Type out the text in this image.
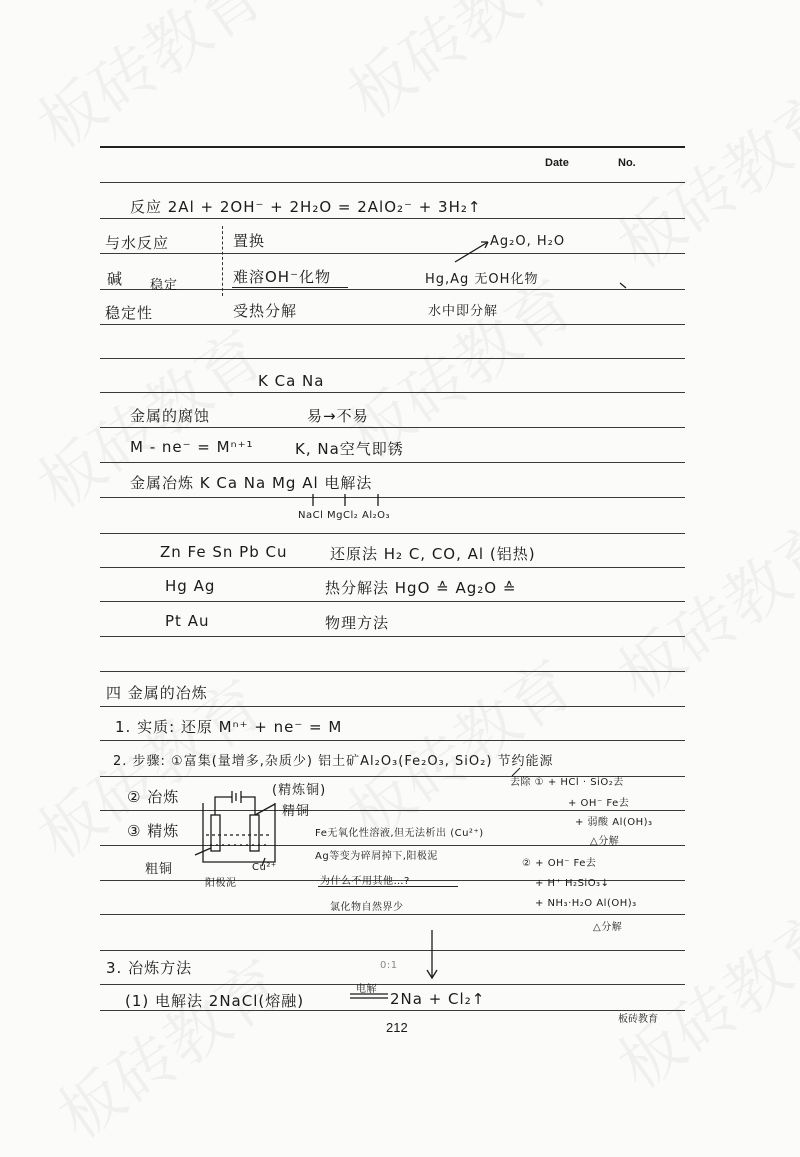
Date	No.
反应 2Al + 2OH⁻ + 2H₂O = 2AlO₂⁻ + 3H₂↑
与水反应	置换	Ag₂O, H₂O
碱 稳定	难溶OH⁻化物	Hg,Ag 无OH化物
稳定性	受热分解	水中即分解
K Ca Na
金属的腐蚀	易→不易
M - ne⁻ = Mⁿ⁺¹	K, Na空气即锈
金属冶炼 K Ca Na Mg Al 电解法
NaCl MgCl₂ Al₂O₃
Zn Fe Sn Pb Cu	还原法 H₂ C, CO, Al (铝热)
Hg Ag	热分解法 HgO ≙ Ag₂O ≙
Pt Au	物理方法
四 金属的冶炼
1. 实质: 还原 Mⁿ⁺ + ne⁻ = M
2. 步骤: ①富集(量增多,杂质少) 铝土矿Al₂O₃(Fe₂O₃, SiO₂) 节约能源
去除 ① + HCl · SiO₂去
+ OH⁻ Fe去
+ 弱酸 Al(OH)₃
△分解
② 冶炼
③ 精炼
(精炼铜)
精铜
粗铜
阳极泥
Cu²⁺
Fe无氧化性溶液,但无法析出 (Cu²⁺)
Ag等变为碎屑掉下,阳极泥
为什么不用其他…?
氯化物自然界少
② + OH⁻ Fe去
+ H⁺ H₂SiO₃↓
+ NH₃·H₂O Al(OH)₃
△分解
3. 冶炼方法	0:1
(1) 电解法 2NaCl(熔融)
电解
2Na + Cl₂↑
212
板砖教育
